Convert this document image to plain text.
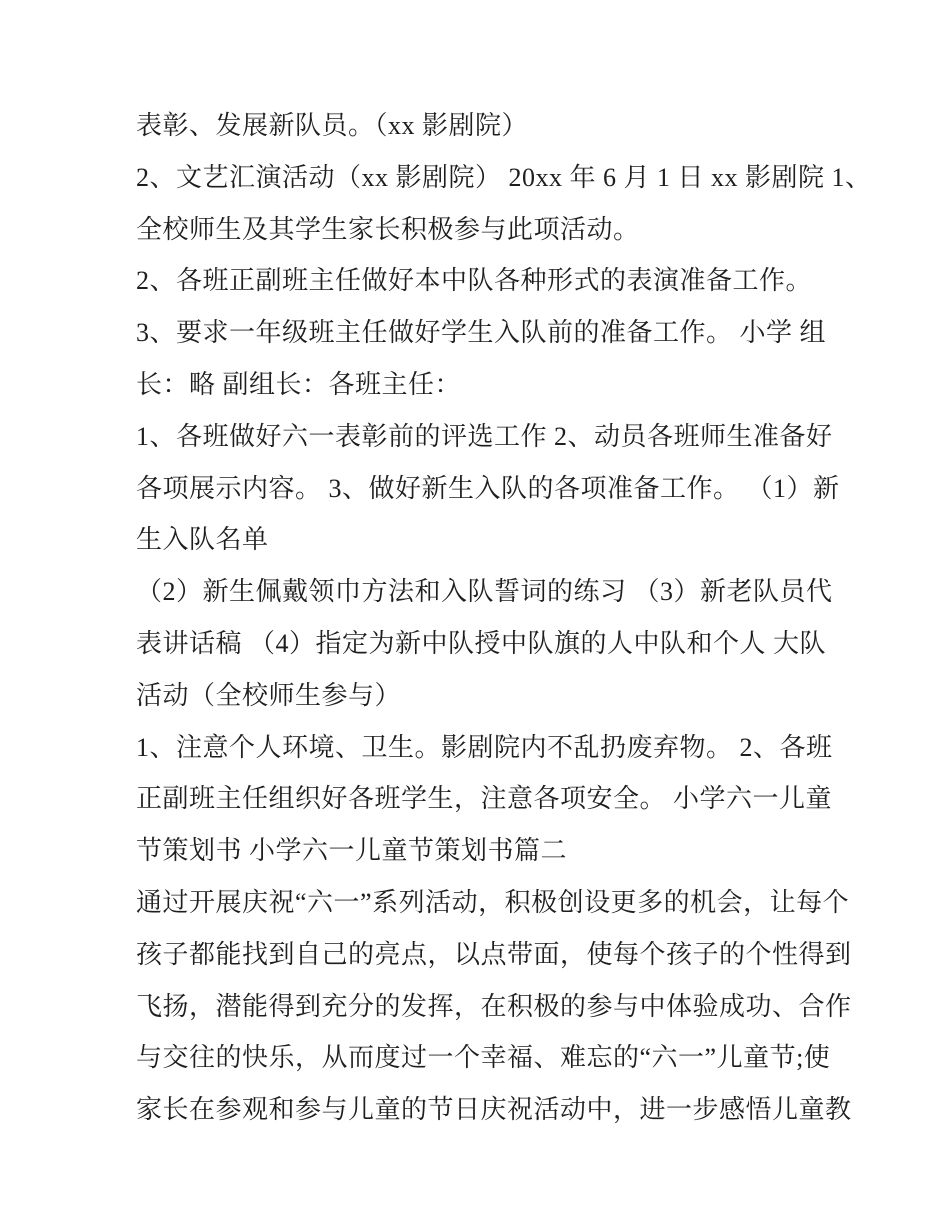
表彰、发展新队员。（xx 影剧院）
2、文艺汇演活动（xx 影剧院） 20xx 年 6 月 1 日 xx 影剧院 1、
全校师生及其学生家长积极参与此项活动。
2、各班正副班主任做好本中队各种形式的表演准备工作。
3、要求一年级班主任做好学生入队前的准备工作。 小学 组
长：略 副组长：各班主任：
1、各班做好六一表彰前的评选工作 2、动员各班师生准备好
各项展示内容。 3、做好新生入队的各项准备工作。 （1）新
生入队名单
（2）新生佩戴领巾方法和入队誓词的练习 （3）新老队员代
表讲话稿 （4）指定为新中队授中队旗的人中队和个人 大队
活动（全校师生参与）
1、注意个人环境、卫生。影剧院内不乱扔废弃物。 2、各班
正副班主任组织好各班学生，注意各项安全。 小学六一儿童
节策划书 小学六一儿童节策划书篇二
通过开展庆祝“六一”系列活动，积极创设更多的机会，让每个
孩子都能找到自己的亮点，以点带面，使每个孩子的个性得到
飞扬，潜能得到充分的发挥，在积极的参与中体验成功、合作
与交往的快乐，从而度过一个幸福、难忘的“六一”儿童节;使
家长在参观和参与儿童的节日庆祝活动中，进一步感悟儿童教
